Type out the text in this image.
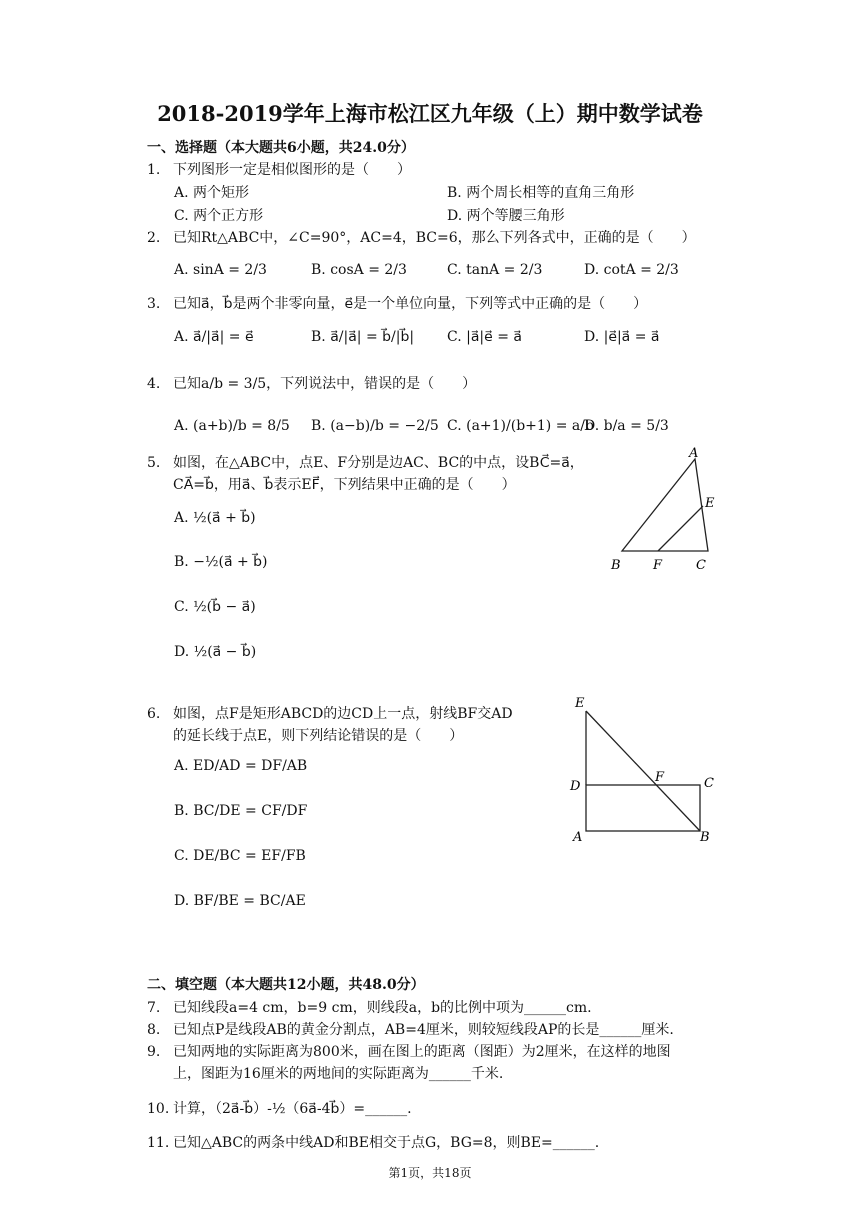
2018-2019学年上海市松江区九年级（上）期中数学试卷
一、选择题（本大题共6小题，共24.0分）
1. 下列图形一定是相似图形的是（　　）
A. 两个矩形	B. 两个周长相等的直角三角形
C. 两个正方形	D. 两个等腰三角形
2. 已知Rt△ABC中，∠C=90°，AC=4，BC=6，那么下列各式中，正确的是（　　）
A. sinA = 2/3	B. cosA = 2/3	C. tanA = 2/3	D. cotA = 2/3
3. 已知a⃗，b⃗是两个非零向量，e⃗是一个单位向量，下列等式中正确的是（　　）
A. a⃗/|a⃗| = e⃗	B. a⃗/|a⃗| = b⃗/|b⃗| C. |a⃗|e⃗ = a⃗	D. |e⃗|a⃗ = a⃗
4. 已知a/b = 3/5，下列说法中，错误的是（　　）
A. (a+b)/b = 8/5 B. (a−b)/b = −2/5 C. (a+1)/(b+1) = a/b
D. b/a = 5/3
5. 如图，在△ABC中，点E、F分别是边AC、BC的中点，设BC⃗=a⃗，
CA⃗=b⃗，用a⃗、b⃗表示EF⃗，下列结果中正确的是（　　）
A. ½(a⃗ + b⃗)
B. −½(a⃗ + b⃗)
C. ½(b⃗ − a⃗)
D. ½(a⃗ − b⃗)
A
E
B F	C
6. 如图，点F是矩形ABCD的边CD上一点，射线BF交AD
的延长线于点E，则下列结论错误的是（　　）
A. ED/AD = DF/AB
B. BC/DE = CF/DF
C. DE/BC = EF/FB
D. BF/BE = BC/AE
E
F	C
D
A	B
二、填空题（本大题共12小题，共48.0分）
7. 已知线段a=4 cm，b=9 cm，则线段a，b的比例中项为______cm.
8. 已知点P是线段AB的黄金分割点，AB=4厘米，则较短线段AP的长是______厘米.
9. 已知两地的实际距离为800米，画在图上的距离（图距）为2厘米，在这样的地图
上，图距为16厘米的两地间的实际距离为______千米.
10. 计算，（2a⃗-b⃗）-½（6a⃗-4b⃗）=______.
11. 已知△ABC的两条中线AD和BE相交于点G，BG=8，则BE=______.
第1页，共18页
